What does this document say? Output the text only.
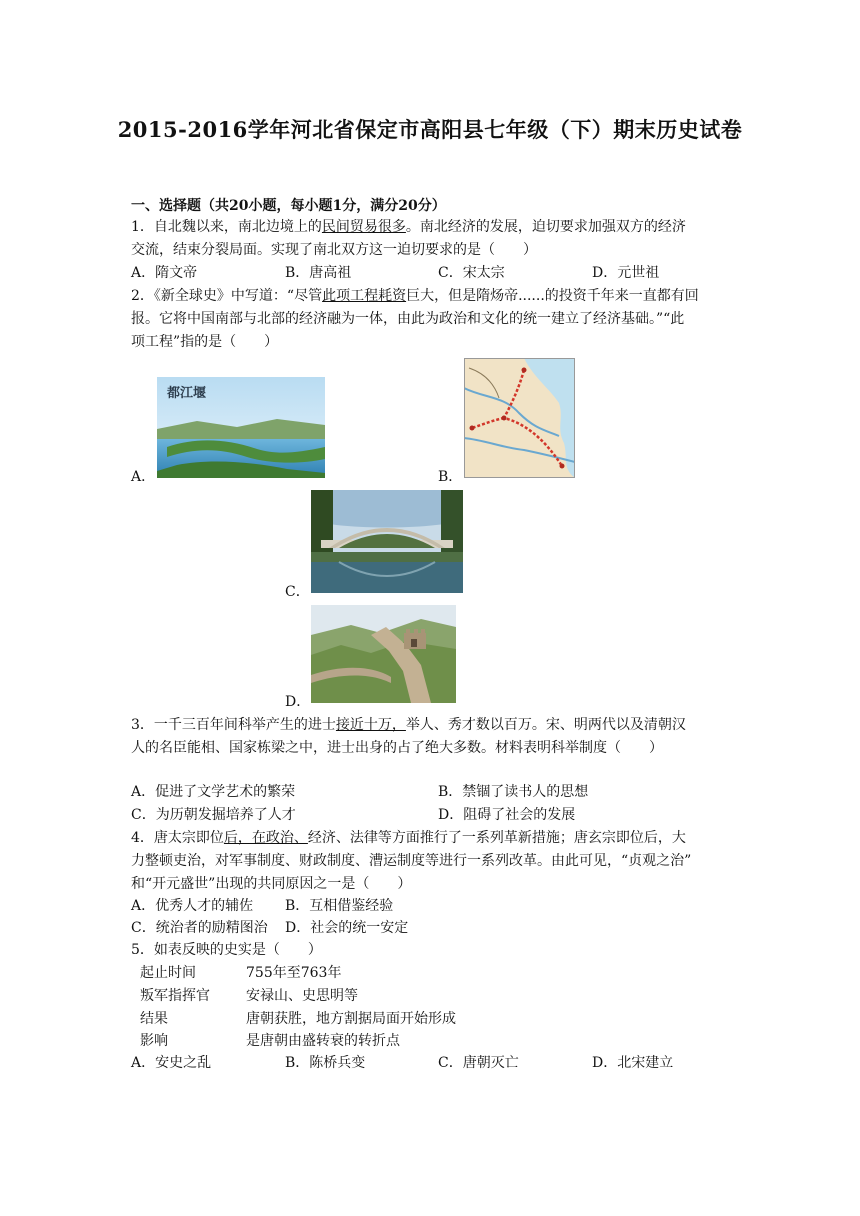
2015-2016学年河北省保定市高阳县七年级（下）期末历史试卷
一、选择题（共20小题，每小题1分，满分20分）
1．自北魏以来，南北边境上的民间贸易很多。南北经济的发展，迫切要求加强双方的经济
交流，结束分裂局面。实现了南北双方这一迫切要求的是（　　）
A．隋文帝	B．唐高祖	C．宋太宗	D．元世祖
2．《新全球史》中写道：“尽管此项工程耗资巨大，但是隋炀帝......的投资千年来一直都有回
报。它将中国南部与北部的经济融为一体，由此为政治和文化的统一建立了经济基础。”“此
项工程”指的是（　　）
A．
都江堰
B．
C．
D．
3．一千三百年间科举产生的进士接近十万，举人、秀才数以百万。宋、明两代以及清朝汉
人的名臣能相、国家栋梁之中，进士出身的占了绝大多数。材料表明科举制度（　　）
A．促进了文学艺术的繁荣	B．禁锢了读书人的思想
C．为历朝发掘培养了人才	D．阻碍了社会的发展
4．唐太宗即位后，在政治、经济、法律等方面推行了一系列革新措施；唐玄宗即位后，大
力整顿吏治，对军事制度、财政制度、漕运制度等进行一系列改革。由此可见，“贞观之治”
和“开元盛世”出现的共同原因之一是（　　）
A．优秀人才的辅佐 B．互相借鉴经验
C．统治者的励精图治 D．社会的统一安定
5．如表反映的史实是（　　）
起止时间	755年至763年
叛军指挥官	安禄山、史思明等
结果	唐朝获胜，地方割据局面开始形成
影响	是唐朝由盛转衰的转折点
A．安史之乱	B．陈桥兵变	C．唐朝灭亡	D．北宋建立
